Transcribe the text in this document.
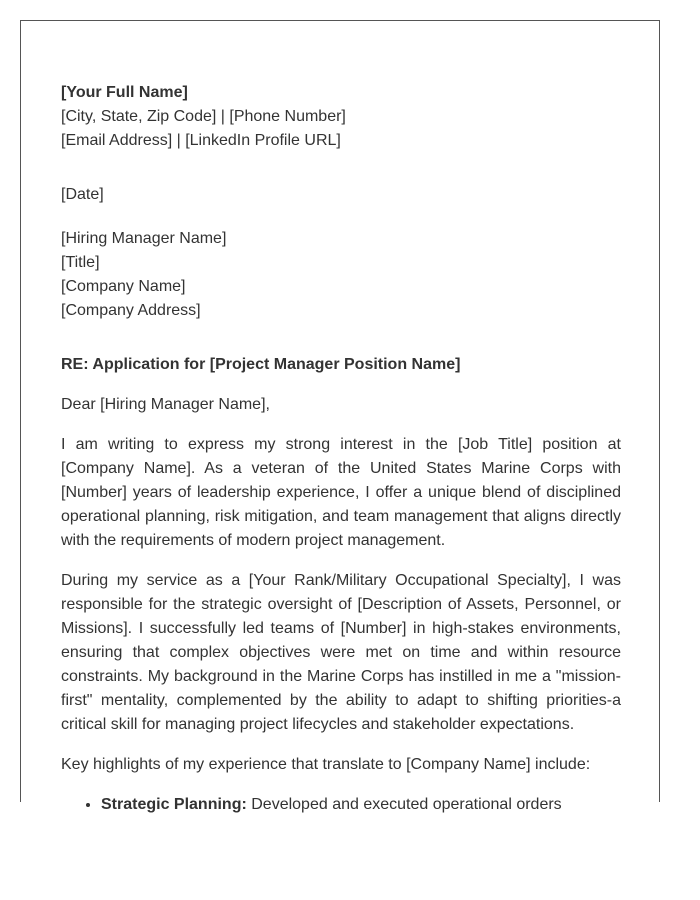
[Your Full Name]
[City, State, Zip Code] | [Phone Number]
[Email Address] | [LinkedIn Profile URL]
[Date]
[Hiring Manager Name]
[Title]
[Company Name]
[Company Address]
RE: Application for [Project Manager Position Name]
Dear [Hiring Manager Name],

I am writing to express my strong interest in the [Job Title] position at [Company Name]. As a veteran of the United States Marine Corps with [Number] years of leadership experience, I offer a unique blend of disciplined operational planning, risk mitigation, and team management that aligns directly with the requirements of modern project management.

During my service as a [Your Rank/Military Occupational Specialty], I was responsible for the strategic oversight of [Description of Assets, Personnel, or Missions]. I successfully led teams of [Number] in high-stakes environments, ensuring that complex objectives were met on time and within resource constraints. My background in the Marine Corps has instilled in me a "mission-first" mentality, complemented by the ability to adapt to shifting priorities-a critical skill for managing project lifecycles and stakeholder expectations.

Key highlights of my experience that translate to [Company Name] include:

• Strategic Planning: Developed and executed operational orders
